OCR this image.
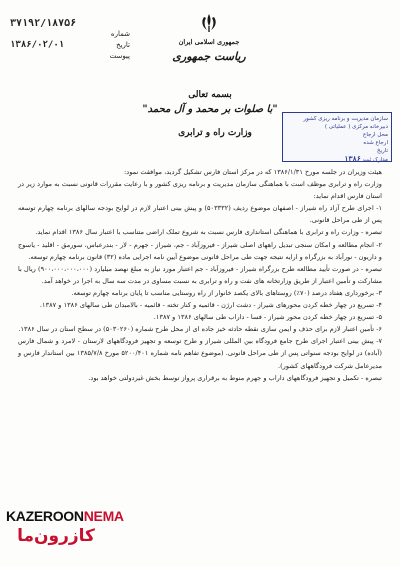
۳۷۱۹۲/۱۸۷۵۶
شماره
تاریخ
۱۳۸۶/۰۲/۰۱
پیوست
جمهوری اسلامی ایران
ریاست جمهوری
بسمه تعالی
"با صلوات بر محمد و آل محمد"
وزارت راه و ترابری
سازمان مدیریت و برنامه ریزی کشور
دبیرخانه مرکزی ( عملیاتی )
محل ارجاع
ارجاع شده
تاریخ
مدارک ثبت ۱۳۸۶

هیئت وزیران در جلسه مورخ ۱۳۸۶/۱/۳۱ که در مرکز استان فارس تشکیل گردید، موافقت نمود:

وزارت راه و ترابری موظف است با هماهنگی سازمان مدیریت و برنامه ریزی کشور و با رعایت مقررات قانونی نسبت به موارد زیر در استان فارس اقدام نماید:

۱- اجرای طرح آزاد راه شیراز - اصفهان موضوع ردیف (۵۰۳۳۳۲) و پیش بینی اعتبار لازم در لوایح بودجه سالهای برنامه چهارم توسعه پس از طی مراحل قانونی.

تبصره - وزارت راه و ترابری با هماهنگی استانداری فارس نسبت به شروع تملک اراضی متناسب با اعتبار سال ۱۳۸۶ اقدام نماید.

۲- انجام مطالعه و امکان سنجی تبدیل راههای اصلی شیراز - فیروزآباد - جم، شیراز - جهرم - لار - بندرعباس، سورمق - اقلید - یاسوج و داریون - نورآباد به بزرگراه و ارایه نتیجه جهت طی مراحل قانونی موضوع آیین نامه اجرایی ماده (۳۲) قانون برنامه چهارم توسعه.

تبصره - در صورت تأیید مطالعه طرح بزرگراه شیراز - فیروزآباد - جم اعتبار مورد نیاز به مبلغ نهصد میلیارد (۹۰۰،۰۰۰،۰۰۰،۰۰۰) ریال با مشارکت و تأمین اعتبار از طریق وزارتخانه های نفت و راه و ترابری به نسبت مساوی در مدت سه سال به اجرا در خواهد آمد.

۳- برخورداری هفتاد درصد (۷۰٪) روستاهای بالای یکصد خانوار از راه روستایی مناسب تا پایان برنامه چهارم توسعه.

۴- تسریع در چهار خطه کردن محورهای شیراز - دشت ارژن - قائمیه و کنار تخته - قائمیه - بالامبدان طی سالهای ۱۳۸۶ و ۱۳۸۷.

۵- تسریع در چهار خطه کردن محور شیراز - فسا - داراب طی سالهای ۱۳۸۶ و ۱۳۸۷.

۶- تأمین اعتبار لازم برای حذف و ایمن سازی نقطه حادثه خیز جاده ای از محل طرح شماره (۵۰۳۰۲۶۰) در سطح استان در سال ۱۳۸۶.

۷- پیش بینی اعتبار اجرای طرح جامع فرودگاه بین المللی شیراز و طرح توسعه و تجهیز فرودگاههای لارستان - لامرد و شمال فارس (آباده) در لوایح بودجه سنواتی پس از طی مراحل قانونی. (موضوع تفاهم نامه شماره ۵۲۰۰/۴۰۱ مورخ ۱۳۸۵/۷/۸ بین استاندار فارس و مدیرعامل شرکت فرودگاههای کشور).

تبصره - تکمیل و تجهیز فرودگاههای داراب و جهرم منوط به برقراری پرواز توسط بخش غیردولتی خواهد بود.

KAZEROONNEMA
کازرون‌ما
